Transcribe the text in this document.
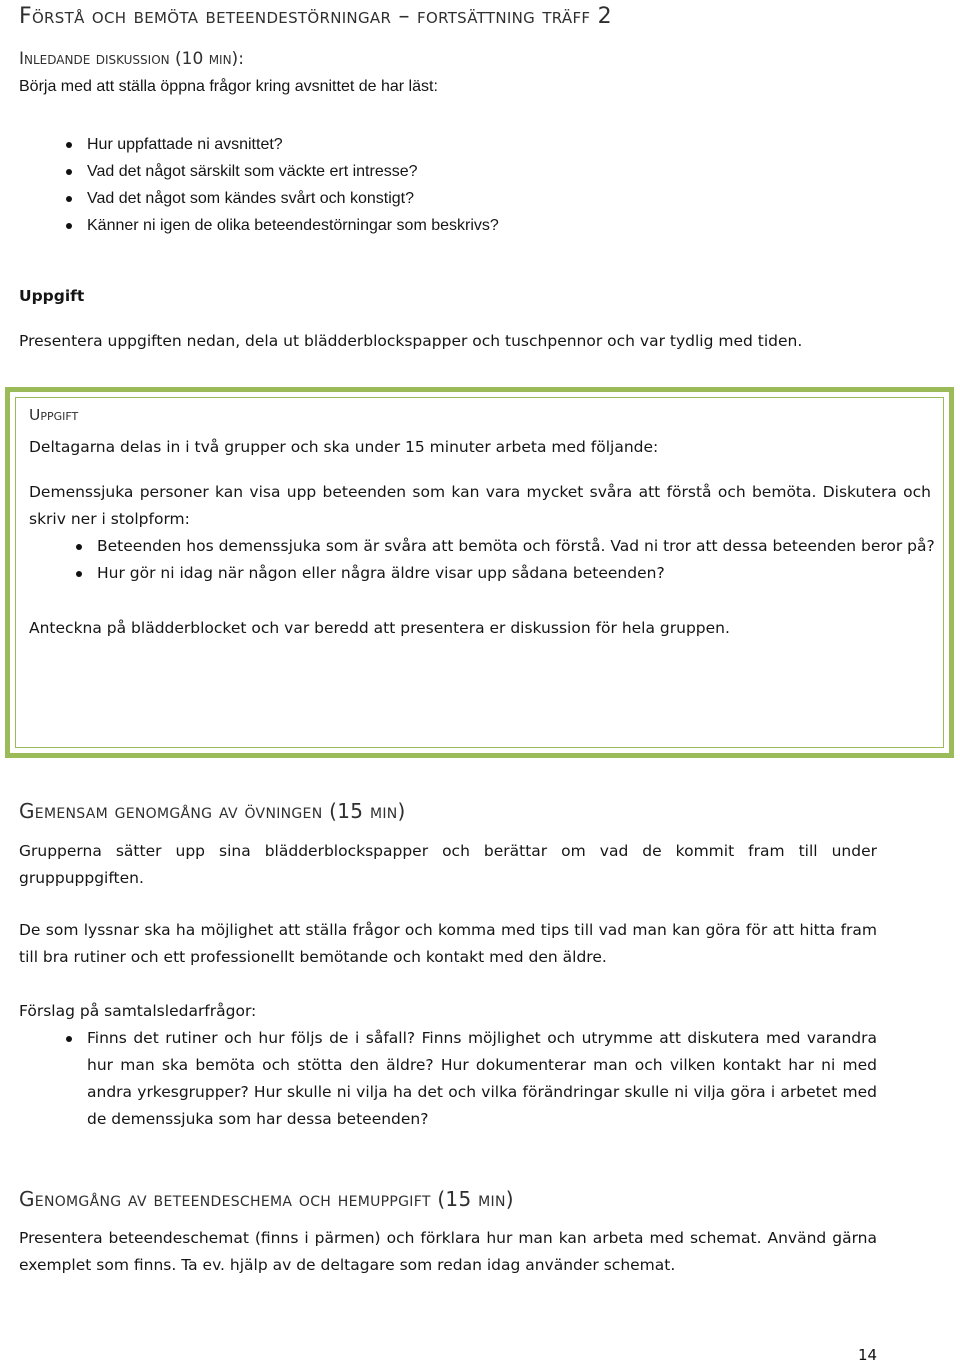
Förstå och bemöta beteendestörningar – fortsättning träff 2
Inledande diskussion (10 min):
Börja med att ställa öppna frågor kring avsnittet de har läst:
Hur uppfattade ni avsnittet?
Vad det något särskilt som väckte ert intresse?
Vad det något som kändes svårt och konstigt?
Känner ni igen de olika beteendestörningar som beskrivs?
Uppgift
Presentera uppgiften nedan, dela ut blädderblockspapper och tuschpennor och var tydlig med tiden.
Uppgift
Deltagarna delas in i två grupper och ska under 15 minuter arbeta med följande:
Demenssjuka personer kan visa upp beteenden som kan vara mycket svåra att förstå och bemöta. Diskutera och skriv ner i stolpform:
Beteenden hos demenssjuka som är svåra att bemöta och förstå. Vad ni tror att dessa beteenden beror på?
Hur gör ni idag när någon eller några äldre visar upp sådana beteenden?
Anteckna på blädderblocket och var beredd att presentera er diskussion för hela gruppen.
Gemensam genomgång av övningen (15 min)
Grupperna sätter upp sina blädderblockspapper och berättar om vad de kommit fram till under gruppuppgiften.
De som lyssnar ska ha möjlighet att ställa frågor och komma med tips till vad man kan göra för att hitta fram till bra rutiner och ett professionellt bemötande och kontakt med den äldre.
Förslag på samtalsledarfrågor:
Finns det rutiner och hur följs de i såfall? Finns möjlighet och utrymme att diskutera med varandra hur man ska bemöta och stötta den äldre? Hur dokumenterar man och vilken kontakt har ni med andra yrkesgrupper? Hur skulle ni vilja ha det och vilka förändringar skulle ni vilja göra i arbetet med de demenssjuka som har dessa beteenden?
Genomgång av beteendeschema och hemuppgift (15 min)
Presentera beteendeschemat (finns i pärmen) och förklara hur man kan arbeta med schemat. Använd gärna exemplet som finns. Ta ev. hjälp av de deltagare som redan idag använder schemat.
14
